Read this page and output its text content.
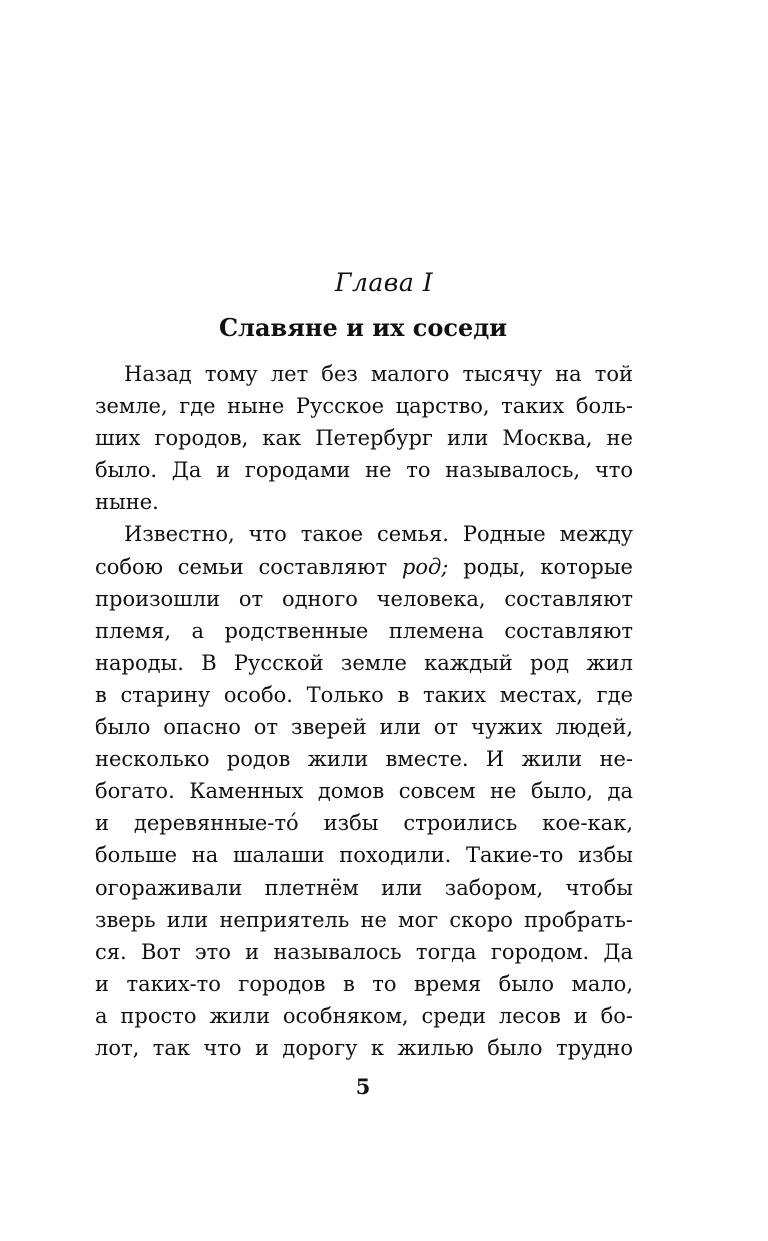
Глава I
Славяне и их соседи
Назад тому лет без малого тысячу на той
земле, где ныне Русское царство, таких боль-
ших городов, как Петербург или Москва, не
было. Да и городами не то называлось, что
ныне.
Известно, что такое семья. Родные между
собою семьи составляют род; роды, которые
произошли от одного человека, составляют
племя, а родственные племена составляют
народы. В Русской земле каждый род жил
в старину особо. Только в таких местах, где
было опасно от зверей или от чужих людей,
несколько родов жили вместе. И жили не-
богато. Каменных домов совсем не было, да
и деревянные-то́ избы строились кое-как,
больше на шалаши походили. Такие-то избы
огораживали плетнём или забором, чтобы
зверь или неприятель не мог скоро пробрать-
ся. Вот это и называлось тогда городом. Да
и таких-то городов в то время было мало,
а просто жили особняком, среди лесов и бо-
лот, так что и дорогу к жилью было трудно
5
